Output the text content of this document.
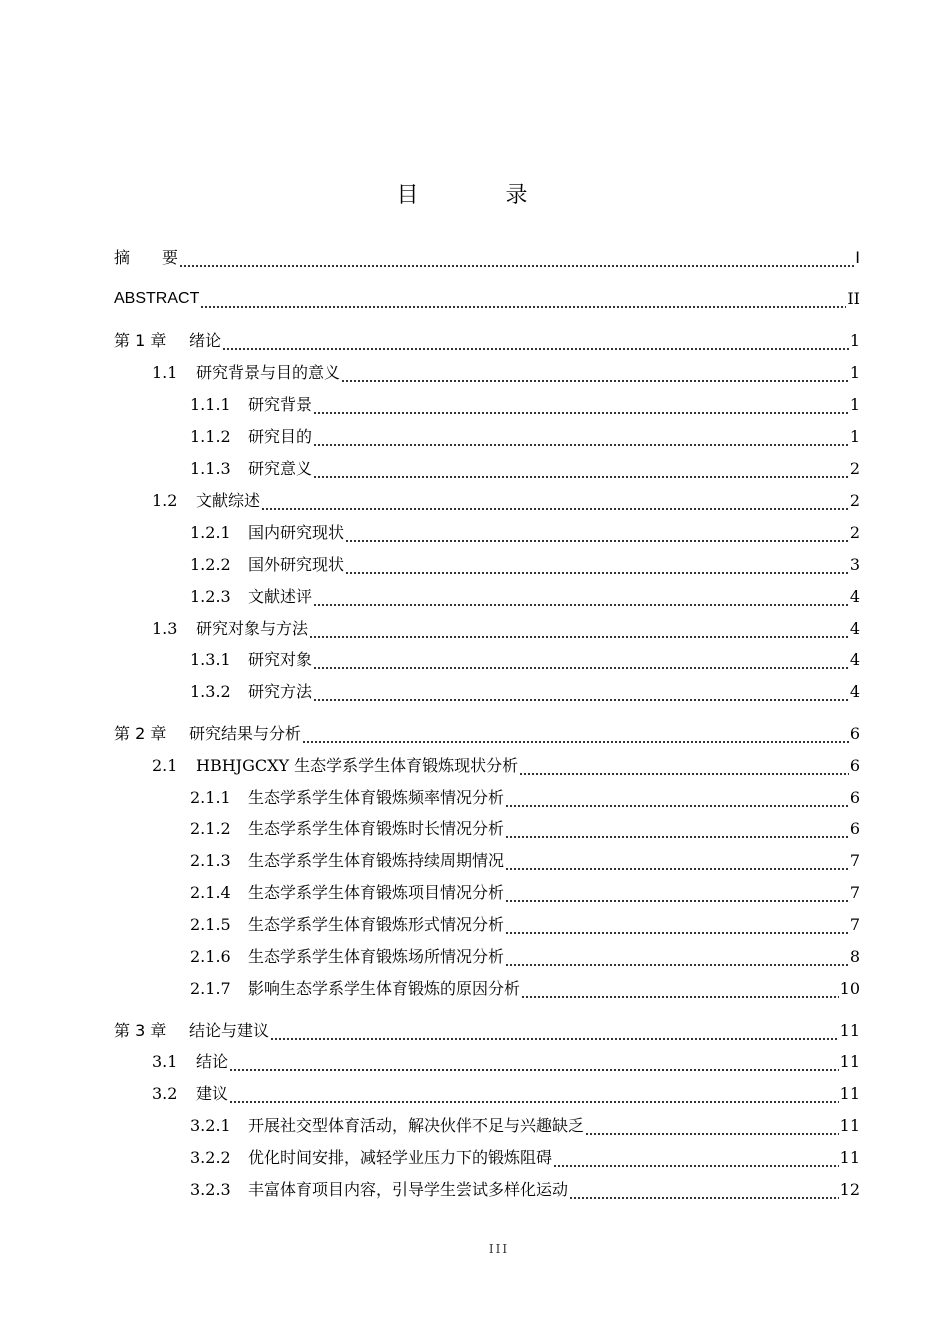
目 录
摘　　要	I
ABSTRACT	II
第 1 章	绪论	1
1.1	研究背景与目的意义	1
1.1.1	研究背景	1
1.1.2	研究目的	1
1.1.3	研究意义	2
1.2	文献综述	2
1.2.1	国内研究现状	2
1.2.2	国外研究现状	3
1.2.3	文献述评	4
1.3	研究对象与方法	4
1.3.1	研究对象	4
1.3.2	研究方法	4
第 2 章	研究结果与分析	6
2.1	HBHJGCXY 生态学系学生体育锻炼现状分析	6
2.1.1	生态学系学生体育锻炼频率情况分析	6
2.1.2	生态学系学生体育锻炼时长情况分析	6
2.1.3	生态学系学生体育锻炼持续周期情况	7
2.1.4	生态学系学生体育锻炼项目情况分析	7
2.1.5	生态学系学生体育锻炼形式情况分析	7
2.1.6	生态学系学生体育锻炼场所情况分析	8
2.1.7	影响生态学系学生体育锻炼的原因分析	10
第 3 章	结论与建议	11
3.1	结论	11
3.2	建议	11
3.2.1	开展社交型体育活动，解决伙伴不足与兴趣缺乏	11
3.2.2	优化时间安排，减轻学业压力下的锻炼阻碍	11
3.2.3	丰富体育项目内容，引导学生尝试多样化运动	12
III
